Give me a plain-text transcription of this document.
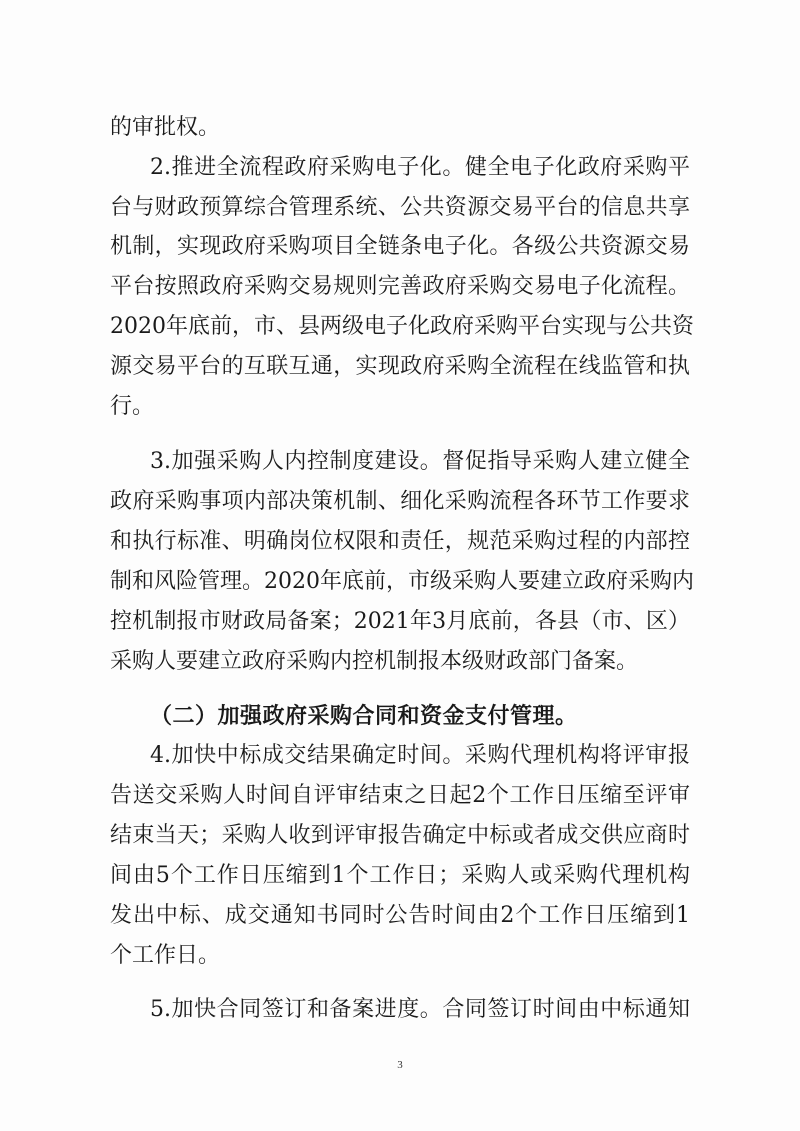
的审批权。
2.推进全流程政府采购电子化。健全电子化政府采购平
台与财政预算综合管理系统、公共资源交易平台的信息共享
机制，实现政府采购项目全链条电子化。各级公共资源交易
平台按照政府采购交易规则完善政府采购交易电子化流程。
2020年底前，市、县两级电子化政府采购平台实现与公共资
源交易平台的互联互通，实现政府采购全流程在线监管和执
行。
3.加强采购人内控制度建设。督促指导采购人建立健全
政府采购事项内部决策机制、细化采购流程各环节工作要求
和执行标准、明确岗位权限和责任，规范采购过程的内部控
制和风险管理。2020年底前，市级采购人要建立政府采购内
控机制报市财政局备案；2021年3月底前，各县（市、区）
采购人要建立政府采购内控机制报本级财政部门备案。
（二）加强政府采购合同和资金支付管理。
4.加快中标成交结果确定时间。采购代理机构将评审报
告送交采购人时间自评审结束之日起2个工作日压缩至评审
结束当天；采购人收到评审报告确定中标或者成交供应商时
间由5个工作日压缩到1个工作日；采购人或采购代理机构
发出中标、成交通知书同时公告时间由2个工作日压缩到1
个工作日。
5.加快合同签订和备案进度。合同签订时间由中标通知
3
